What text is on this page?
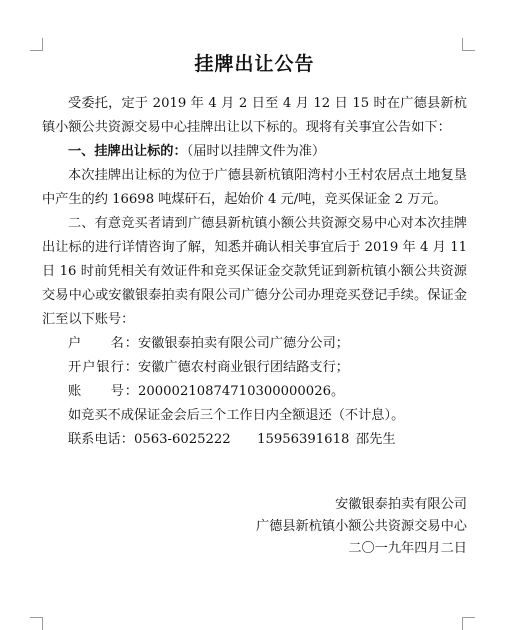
挂牌出让公告

受委托，定于 2019 年 4 月 2 日至 4 月 12 日 15 时在广德县新杭镇小额公共资源交易中心挂牌出让以下标的。现将有关事宜公告如下：

一、挂牌出让标的：（届时以挂牌文件为准）

本次挂牌出让标的为位于广德县新杭镇阳湾村小王村农居点土地复垦中产生的约 16698 吨煤矸石，起始价 4 元/吨，竞买保证金 2 万元。

二、有意竞买者请到广德县新杭镇小额公共资源交易中心对本次挂牌出让标的进行详情咨询了解，知悉并确认相关事宜后于 2019 年 4 月 11 日 16 时前凭相关有效证件和竞买保证金交款凭证到新杭镇小额公共资源交易中心或安徽银泰拍卖有限公司广德分公司办理竞买登记手续。保证金汇至以下账号：

户　　名：安徽银泰拍卖有限公司广德分公司；
开户银行：安徽广德农村商业银行团结路支行；
账　　号：20000210874710300000026。

如竞买不成保证金会后三个工作日内全额退还（不计息）。

联系电话：0563-6025222   15956391618  邵先生
安徽银泰拍卖有限公司
广德县新杭镇小额公共资源交易中心
二〇一九年四月二日
